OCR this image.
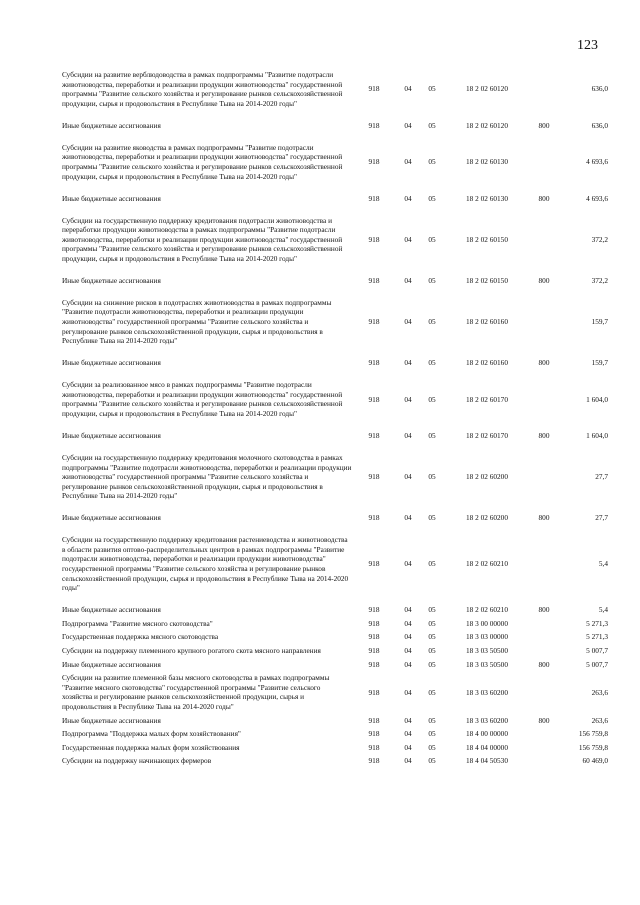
123
Субсидии на развитие верблюдоводства в рамках подпрограммы "Развитие подотрасли животноводства, переработки и реализации продукции животноводства" государственной программы "Развитие сельского хозяйства и регулирование рынков сельскохозяйственной продукции, сырья и продовольствия в Республике Тыва на 2014-2020 годы"	918	04	05	18 2 02 60120		636,0

Иные бюджетные ассигнования	918	04	05	18 2 02 60120	800	636,0

Субсидии на развитие яководства в рамках подпрограммы "Развитие подотрасли животноводства, переработки и реализации продукции животноводства" государственной программы "Развитие сельского хозяйства и регулирование рынков сельскохозяйственной продукции, сырья и продовольствия в Республике Тыва на 2014-2020 годы"	918	04	05	18 2 02 60130		4 693,6

Иные бюджетные ассигнования	918	04	05	18 2 02 60130	800	4 693,6

Субсидии на государственную поддержку кредитования подотрасли животноводства и переработки продукции животноводства в рамках подпрограммы "Развитие подотрасли животноводства, переработки и реализации продукции животноводства" государственной программы "Развитие сельского хозяйства и регулирование рынков сельскохозяйственной продукции, сырья и продовольствия в Республике Тыва на 2014-2020 годы"	918	04	05	18 2 02 60150		372,2

Иные бюджетные ассигнования	918	04	05	18 2 02 60150	800	372,2

Субсидии на снижение рисков в подотраслях животноводства в рамках подпрограммы "Развитие подотрасли животноводства, переработки и реализации продукции животноводства" государственной программы "Развитие сельского хозяйства и регулирование рынков сельскохозяйственной продукции, сырья и продовольствия в Республике Тыва на 2014-2020 годы"	918	04	05	18 2 02 60160		159,7

Иные бюджетные ассигнования	918	04	05	18 2 02 60160	800	159,7

Субсидии за реализованное мясо в рамках подпрограммы "Развитие подотрасли животноводства, переработки и реализации продукции животноводства" государственной программы "Развитие сельского хозяйства и регулирование рынков сельскохозяйственной продукции, сырья и продовольствия в Республике Тыва на 2014-2020 годы"	918	04	05	18 2 02 60170		1 604,0

Иные бюджетные ассигнования	918	04	05	18 2 02 60170	800	1 604,0

Субсидии на государственную поддержку кредитования молочного скотоводства в рамках подпрограммы "Развитие подотрасли животноводства, переработки и реализации продукции животноводства" государственной программы "Развитие сельского хозяйства и регулирование рынков сельскохозяйственной продукции, сырья и продовольствия в Республике Тыва на 2014-2020 годы"	918	04	05	18 2 02 60200		27,7

Иные бюджетные ассигнования	918	04	05	18 2 02 60200	800	27,7

Субсидии на государственную поддержку кредитования растениеводства и животноводства в области развития оптово-распределительных центров в рамках подпрограммы "Развитие подотрасли животноводства, переработки и реализации продукции животноводства" государственной программы "Развитие сельского хозяйства и регулирование рынков сельскохозяйственной продукции, сырья и продовольствия в Республике Тыва на 2014-2020 годы"	918	04	05	18 2 02 60210		5,4

Иные бюджетные ассигнования	918	04	05	18 2 02 60210	800	5,4

Подпрограмма "Развитие мясного скотоводства"	918	04	05	18 3 00 00000		5 271,3

Государственная поддержка мясного скотоводства	918	04	05	18 3 03 00000		5 271,3

Субсидии на поддержку племенного крупного рогатого скота мясного направления	918	04	05	18 3 03 50500		5 007,7

Иные бюджетные ассигнования	918	04	05	18 3 03 50500	800	5 007,7

Субсидии на развитие племенной базы мясного скотоводства в рамках подпрограммы "Развитие мясного скотоводства" государственной программы "Развитие сельского хозяйства и регулирование рынков сельскохозяйственной продукции, сырья и продовольствия в Республике Тыва на 2014-2020 годы"	918	04	05	18 3 03 60200		263,6

Иные бюджетные ассигнования	918	04	05	18 3 03 60200	800	263,6

Подпрограмма "Поддержка малых форм хозяйствования"	918	04	05	18 4 00 00000		156 759,8

Государственная поддержка малых форм хозяйствования	918	04	05	18 4 04 00000		156 759,8

Субсидии на поддержку начинающих фермеров	918	04	05	18 4 04 50530		60 469,0
